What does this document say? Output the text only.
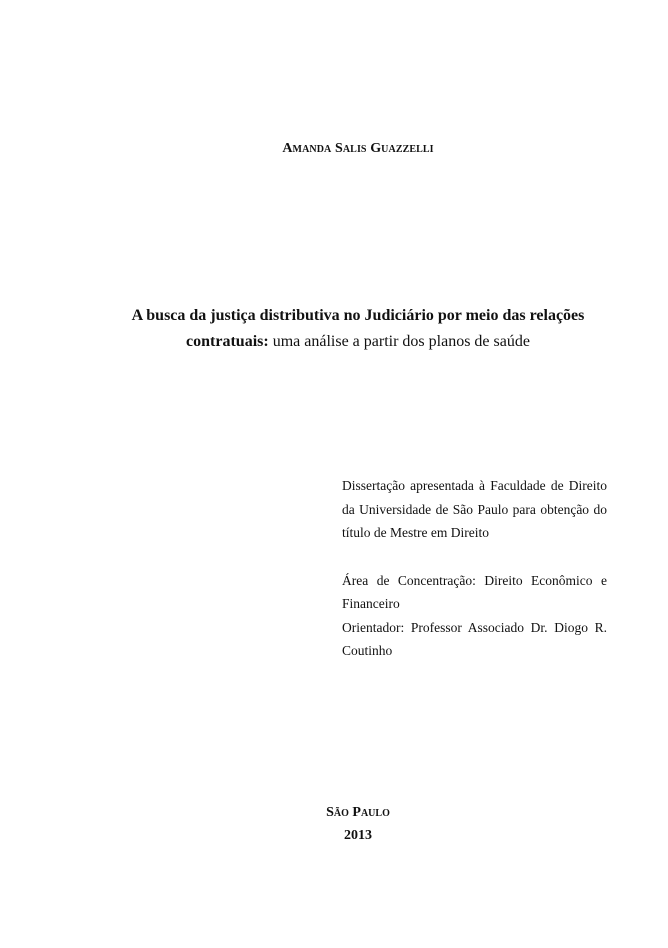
Amanda Salis Guazzelli
A busca da justiça distributiva no Judiciário por meio das relações contratuais: uma análise a partir dos planos de saúde

Dissertação apresentada à Faculdade de Direito da Universidade de São Paulo para obtenção do título de Mestre em Direito

Área de Concentração: Direito Econômico e Financeiro

Orientador: Professor Associado Dr. Diogo R. Coutinho

São Paulo
2013
